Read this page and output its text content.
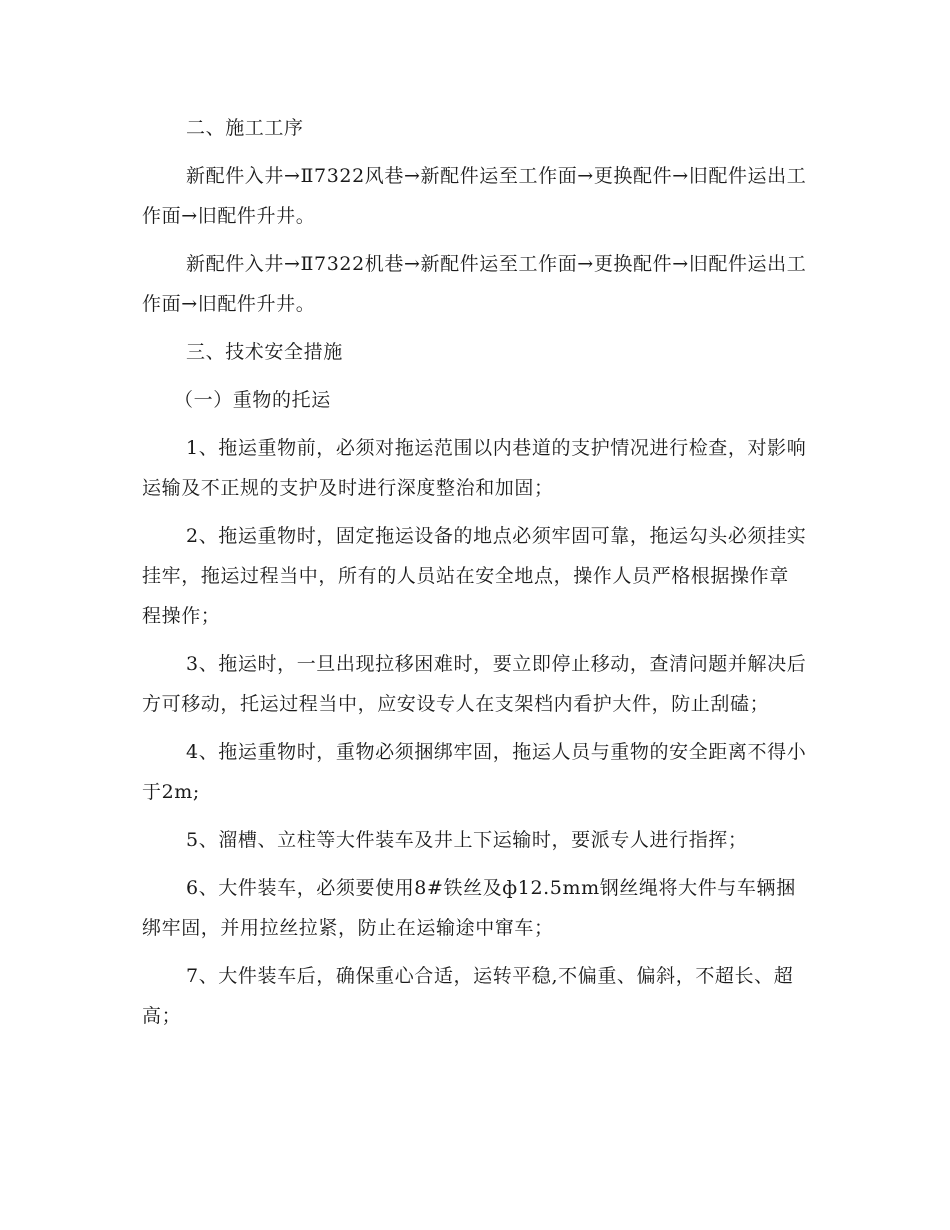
二、施工工序

新配件入井→Ⅱ7322风巷→新配件运至工作面→更换配件→旧配件运出工作面→旧配件升井。

新配件入井→Ⅱ7322机巷→新配件运至工作面→更换配件→旧配件运出工作面→旧配件升井。

三、技术安全措施

（一）重物的托运

1、拖运重物前，必须对拖运范围以内巷道的支护情况进行检查，对影响运输及不正规的支护及时进行深度整治和加固；

2、拖运重物时，固定拖运设备的地点必须牢固可靠，拖运勾头必须挂实挂牢，拖运过程当中，所有的人员站在安全地点，操作人员严格根据操作章程操作；

3、拖运时，一旦出现拉移困难时，要立即停止移动，查清问题并解决后方可移动，托运过程当中，应安设专人在支架档内看护大件，防止刮磕；

4、拖运重物时，重物必须捆绑牢固，拖运人员与重物的安全距离不得小于2m;

5、溜槽、立柱等大件装车及井上下运输时，要派专人进行指挥；

6、大件装车，必须要使用8#铁丝及ф12.5mm钢丝绳将大件与车辆捆绑牢固，并用拉丝拉紧，防止在运输途中窜车；

7、大件装车后，确保重心合适，运转平稳,不偏重、偏斜，不超长、超高；
